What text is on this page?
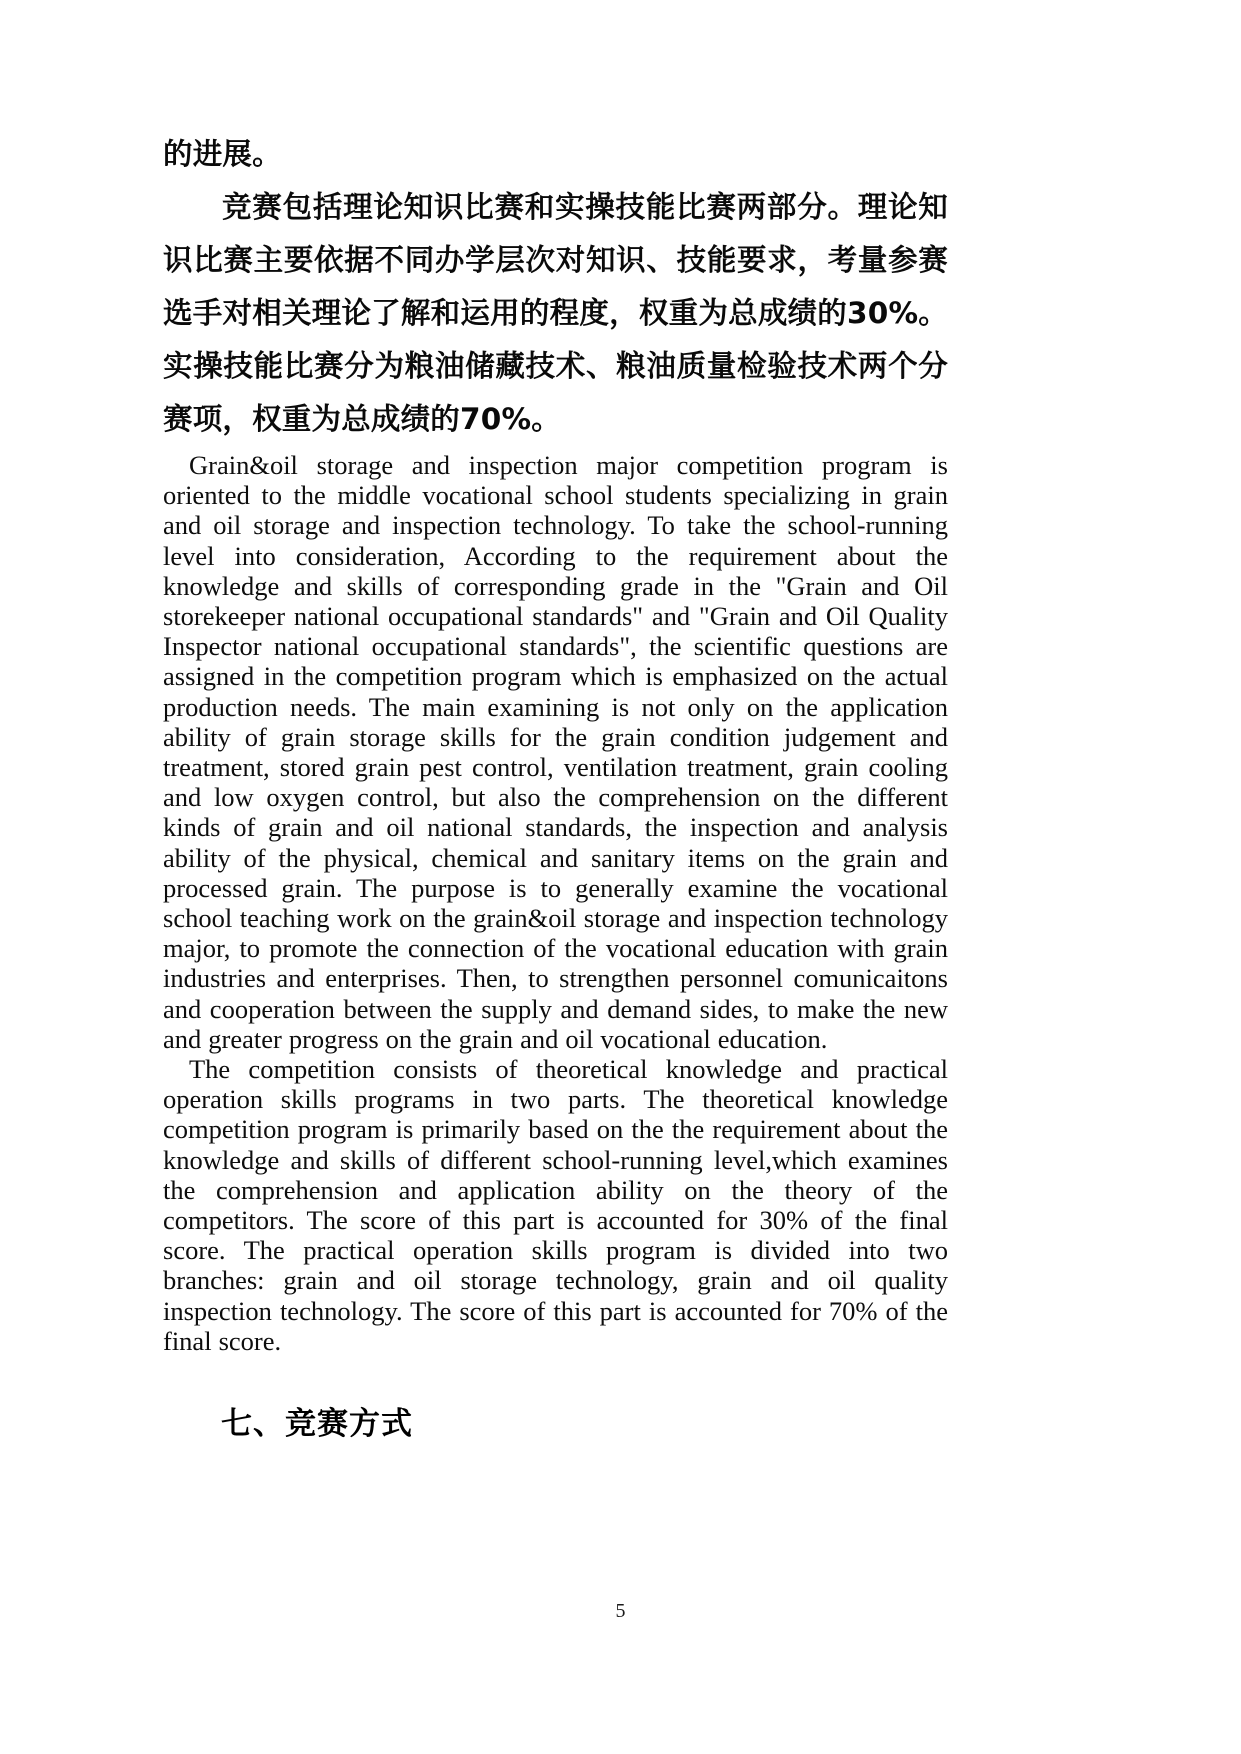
的进展。

竞赛包括理论知识比赛和实操技能比赛两部分。理论知识比赛主要依据不同办学层次对知识、技能要求，考量参赛选手对相关理论了解和运用的程度，权重为总成绩的30%。实操技能比赛分为粮油储藏技术、粮油质量检验技术两个分赛项，权重为总成绩的70%。

Grain&oil storage and inspection major competition program is oriented to the middle vocational school students specializing in grain and oil storage and inspection technology. To take the school-running level into consideration, According to the requirement about the knowledge and skills of corresponding grade in the "Grain and Oil storekeeper national occupational standards" and "Grain and Oil Quality Inspector national occupational standards", the scientific questions are assigned in the competition program which is emphasized on the actual production needs. The main examining is not only on the application ability of grain storage skills for the grain condition judgement and treatment, stored grain pest control, ventilation treatment, grain cooling and low oxygen control, but also the comprehension on the different kinds of grain and oil national standards, the inspection and analysis ability of the physical, chemical and sanitary items on the grain and processed grain. The purpose is to generally examine the vocational school teaching work on the grain&oil storage and inspection technology major, to promote the connection of the vocational education with grain industries and enterprises. Then, to strengthen personnel comunicaitons and cooperation between the supply and demand sides, to make the new and greater progress on the grain and oil vocational education.

The competition consists of theoretical knowledge and practical operation skills programs in two parts. The theoretical knowledge competition program is primarily based on the the requirement about the knowledge and skills of different school-running level,which examines the comprehension and application ability on the theory of the competitors. The score of this part is accounted for 30% of the final score. The practical operation skills program is divided into two branches: grain and oil storage technology, grain and oil quality inspection technology. The score of this part is accounted for 70% of the final score.

七、竞赛方式
5
